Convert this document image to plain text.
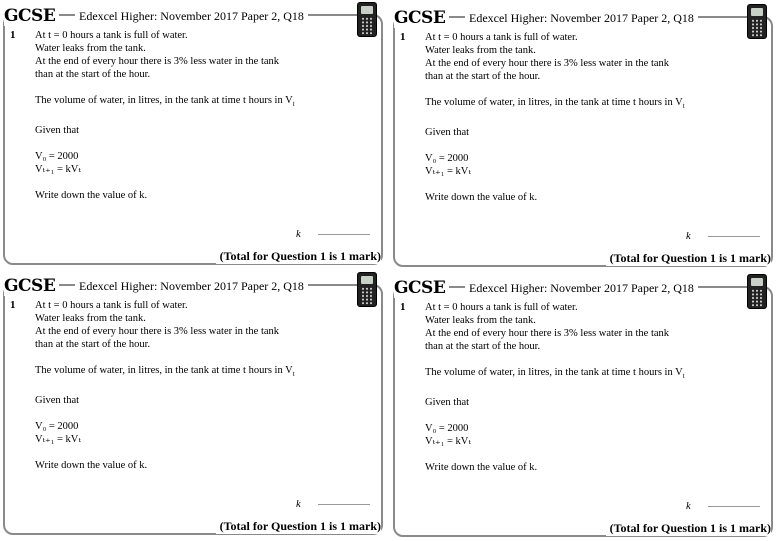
GCSE	Edexcel Higher: November 2017 Paper 2, Q18
1 At t = 0 hours a tank is full of water.

Water leaks from the tank.

At the end of every hour there is 3% less water in the tank

than at the start of the hour.

The volume of water, in litres, in the tank at time t hours in $V_t$

Given that

V₀ = 2000

Vₜ₊₁ = kVₜ

Write down the value of k.

k
(Total for Question 1 is 1 mark)
GCSE	Edexcel Higher: November 2017 Paper 2, Q18
1 At t = 0 hours a tank is full of water.

Water leaks from the tank.

At the end of every hour there is 3% less water in the tank

than at the start of the hour.

The volume of water, in litres, in the tank at time t hours in $V_t$

Given that

V₀ = 2000

Vₜ₊₁ = kVₜ

Write down the value of k.

k
(Total for Question 1 is 1 mark)
GCSE	Edexcel Higher: November 2017 Paper 2, Q18
1 At t = 0 hours a tank is full of water.

Water leaks from the tank.

At the end of every hour there is 3% less water in the tank

than at the start of the hour.

The volume of water, in litres, in the tank at time t hours in $V_t$

Given that

V₀ = 2000

Vₜ₊₁ = kVₜ

Write down the value of k.

k
(Total for Question 1 is 1 mark)
GCSE	Edexcel Higher: November 2017 Paper 2, Q18
1 At t = 0 hours a tank is full of water.

Water leaks from the tank.

At the end of every hour there is 3% less water in the tank

than at the start of the hour.

The volume of water, in litres, in the tank at time t hours in $V_t$

Given that

V₀ = 2000

Vₜ₊₁ = kVₜ

Write down the value of k.

k
(Total for Question 1 is 1 mark)
